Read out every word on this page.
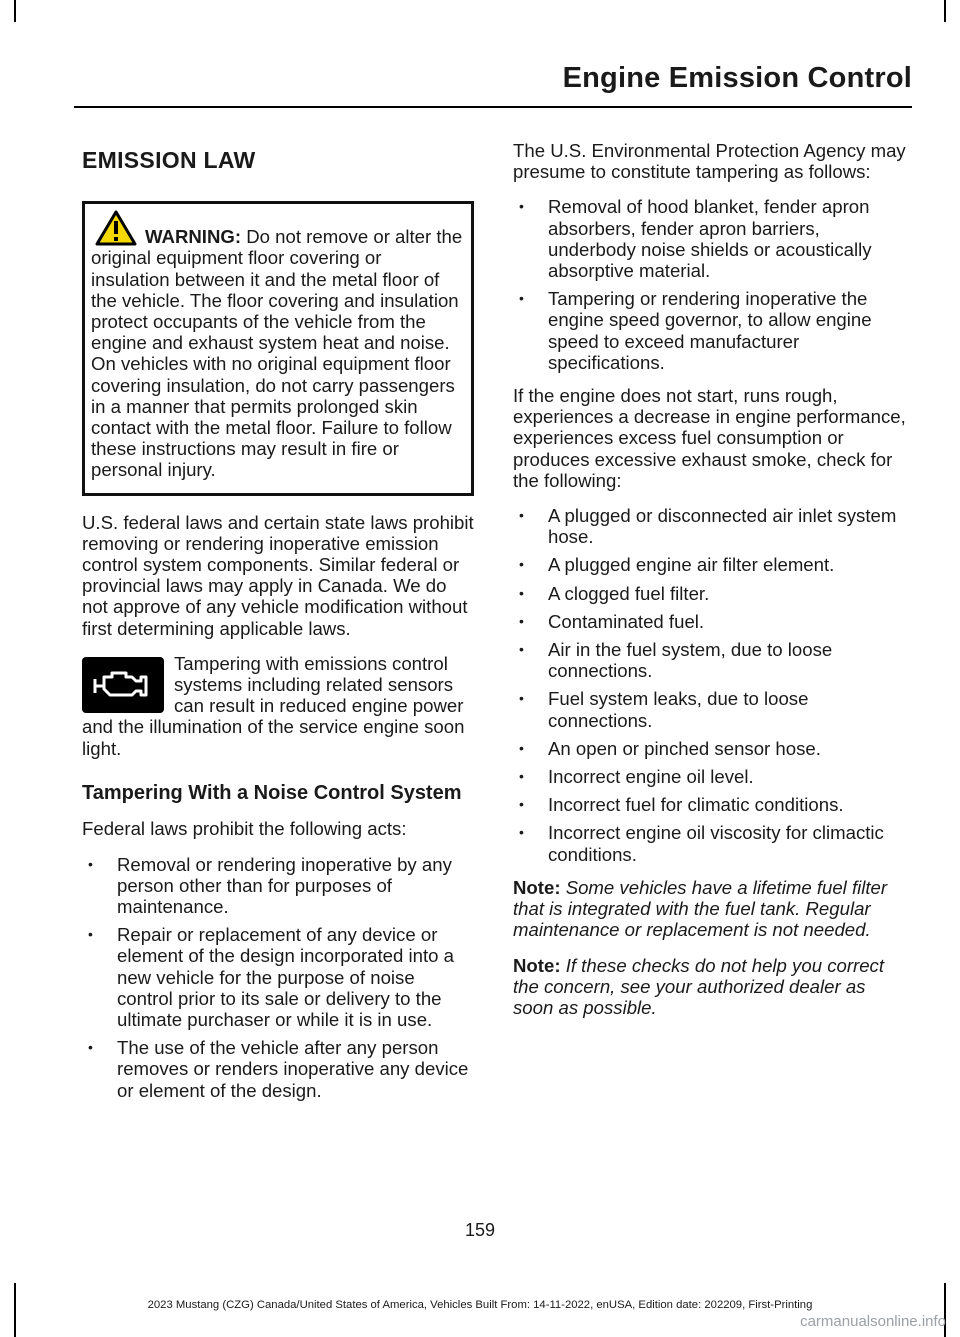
Engine Emission Control
EMISSION LAW
WARNING: Do not remove or alter the original equipment floor covering or insulation between it and the metal floor of the vehicle. The floor covering and insulation protect occupants of the vehicle from the engine and exhaust system heat and noise. On vehicles with no original equipment floor covering insulation, do not carry passengers in a manner that permits prolonged skin contact with the metal floor. Failure to follow these instructions may result in fire or personal injury.

U.S. federal laws and certain state laws prohibit removing or rendering inoperative emission control system components. Similar federal or provincial laws may apply in Canada. We do not approve of any vehicle modification without first determining applicable laws.

Tampering with emissions control systems including related sensors can result in reduced engine power and the illumination of the service engine soon light.
Tampering With a Noise Control System

Federal laws prohibit the following acts:

• Removal or rendering inoperative by any person other than for purposes of maintenance.
• Repair or replacement of any device or element of the design incorporated into a new vehicle for the purpose of noise control prior to its sale or delivery to the ultimate purchaser or while it is in use.
• The use of the vehicle after any person removes or renders inoperative any device or element of the design.

The U.S. Environmental Protection Agency may presume to constitute tampering as follows:

• Removal of hood blanket, fender apron absorbers, fender apron barriers, underbody noise shields or acoustically absorptive material.
• Tampering or rendering inoperative the engine speed governor, to allow engine speed to exceed manufacturer specifications.

If the engine does not start, runs rough, experiences a decrease in engine performance, experiences excess fuel consumption or produces excessive exhaust smoke, check for the following:

• A plugged or disconnected air inlet system hose.
• A plugged engine air filter element.
• A clogged fuel filter.
• Contaminated fuel.
• Air in the fuel system, due to loose connections.
• Fuel system leaks, due to loose connections.
• An open or pinched sensor hose.
• Incorrect engine oil level.
• Incorrect fuel for climatic conditions.
• Incorrect engine oil viscosity for climactic conditions.

Note: Some vehicles have a lifetime fuel filter that is integrated with the fuel tank. Regular maintenance or replacement is not needed.

Note: If these checks do not help you correct the concern, see your authorized dealer as soon as possible.

159
2023 Mustang (CZG) Canada/United States of America, Vehicles Built From: 14-11-2022, enUSA, Edition date: 202209, First-Printing
carmanualsonline.info
